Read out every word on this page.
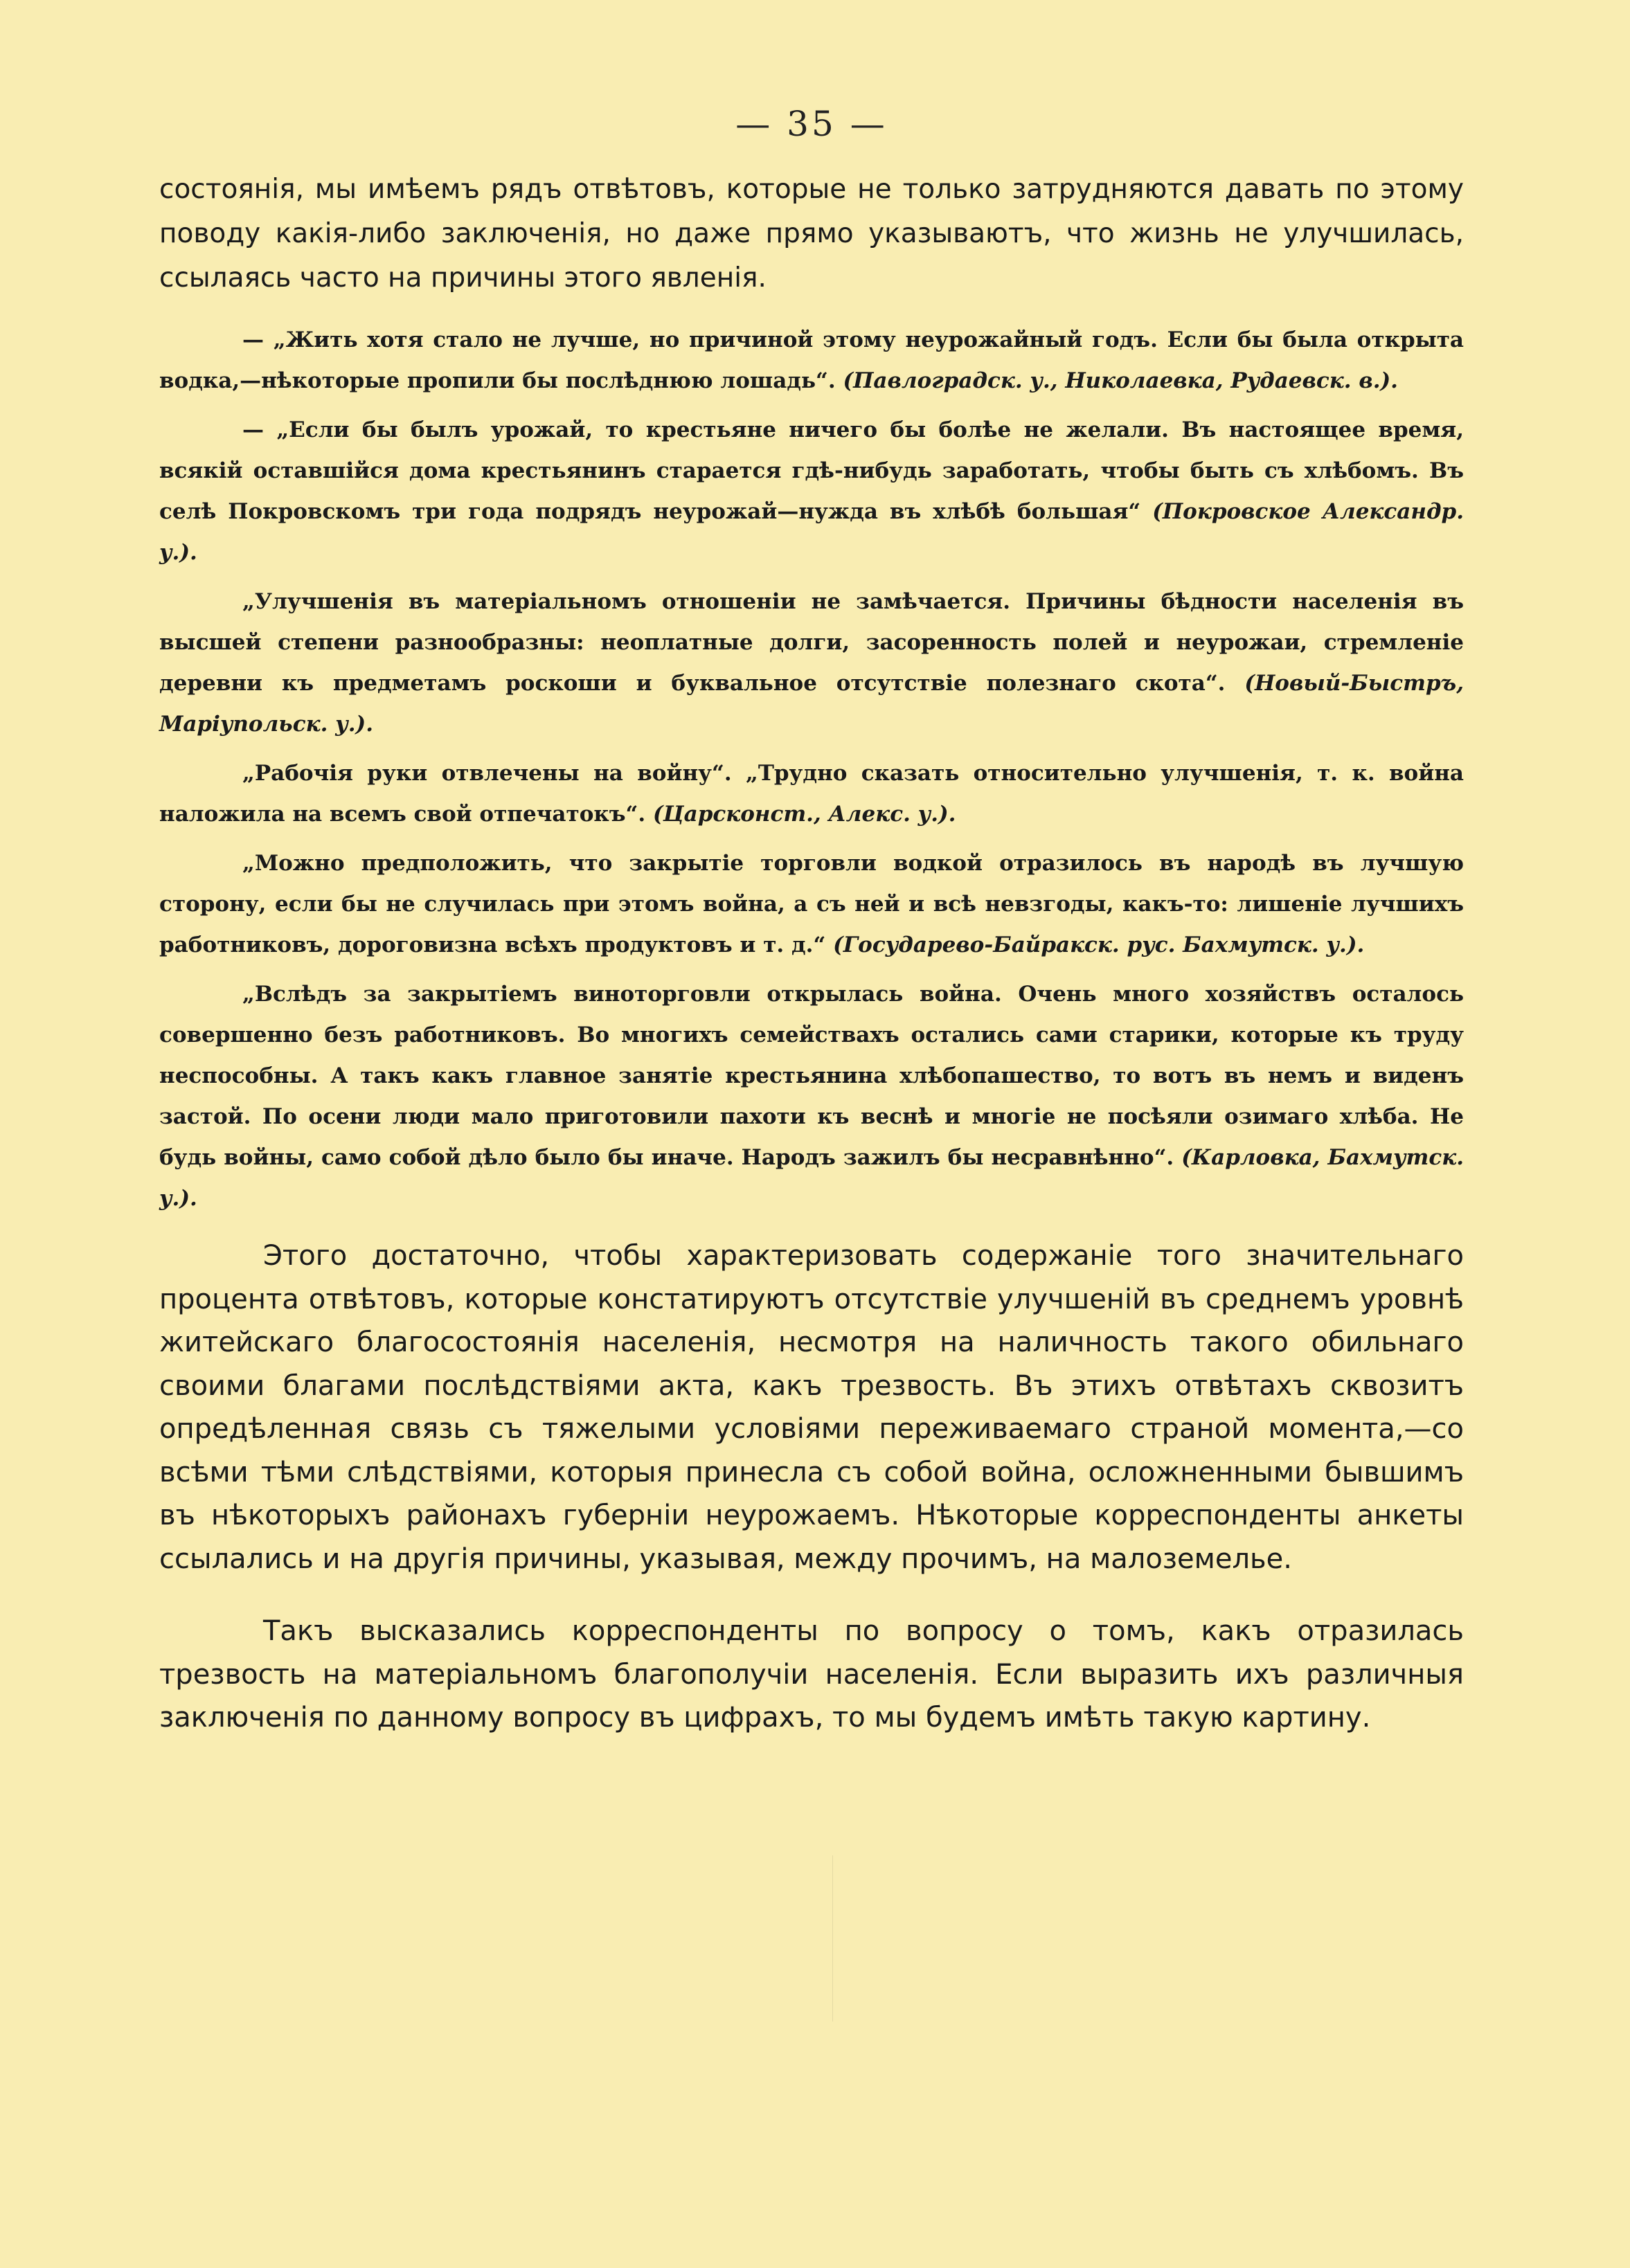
— 35 —

состоянія, мы имѣемъ рядъ отвѣтовъ, которые не только затрудняются давать по этому поводу какія-либо заключенія, но даже прямо указываютъ, что жизнь не улучшилась, ссылаясь часто на причины этого явленія.

— „Жить хотя стало не лучше, но причиной этому неурожайный годъ. Если бы была открыта водка,—нѣкоторые пропили бы послѣднюю лошадь“. (Павлоградск. у., Николаевка, Рудаевск. в.).

— „Если бы былъ урожай, то крестьяне ничего бы болѣе не желали. Въ настоящее время, всякій оставшійся дома крестьянинъ старается гдѣ-нибудь заработать, чтобы быть съ хлѣбомъ. Въ селѣ Покровскомъ три года подрядъ неурожай—нужда въ хлѣбѣ большая“ (Покровское Александр. у.).

„Улучшенія въ матеріальномъ отношеніи не замѣчается. Причины бѣдности населенія въ высшей степени разнообразны: неоплатные долги, засоренность полей и неурожаи, стремленіе деревни къ предметамъ роскоши и буквальное отсутствіе полезнаго скота“. (Новый-Быстръ, Маріупольск. у.).

„Рабочія руки отвлечены на войну“. „Трудно сказать относительно улучшенія, т. к. война наложила на всемъ свой отпечатокъ“. (Царсконст., Алекс. у.).

„Можно предположить, что закрытіе торговли водкой отразилось въ народѣ въ лучшую сторону, если бы не случилась при этомъ война, а съ ней и всѣ невзгоды, какъ-то: лишеніе лучшихъ работниковъ, дороговизна всѣхъ продуктовъ и т. д.“ (Государево-Байракск. рус. Бахмутск. у.).

„Вслѣдъ за закрытіемъ виноторговли открылась война. Очень много хозяйствъ осталось совершенно безъ работниковъ. Во многихъ семействахъ остались сами старики, которые къ труду неспособны. А такъ какъ главное занятіе крестьянина хлѣбопашество, то вотъ въ немъ и виденъ застой. По осени люди мало приготовили пахоти къ веснѣ и многіе не посѣяли озимаго хлѣба. Не будь войны, само собой дѣло было бы иначе. Народъ зажилъ бы несравнѣнно“. (Карловка, Бахмутск. у.).

Этого достаточно, чтобы характеризовать содержаніе того значительнаго процента отвѣтовъ, которые констатируютъ отсутствіе улучшеній въ среднемъ уровнѣ житейскаго благосостоянія населенія, несмотря на наличность такого обильнаго своими благами послѣдствіями акта, какъ трезвость. Въ этихъ отвѣтахъ сквозитъ опредѣленная связь съ тяжелыми условіями переживаемаго страной момента,—со всѣми тѣми слѣдствіями, которыя принесла съ собой война, осложненными бывшимъ въ нѣкоторыхъ районахъ губерніи неурожаемъ. Нѣкоторые корреспонденты анкеты ссылались и на другія причины, указывая, между прочимъ, на малоземелье.

Такъ высказались корреспонденты по вопросу о томъ, какъ отразилась трезвость на матеріальномъ благополучіи населенія. Если выразить ихъ различныя заключенія по данному вопросу въ цифрахъ, то мы будемъ имѣть такую картину.
